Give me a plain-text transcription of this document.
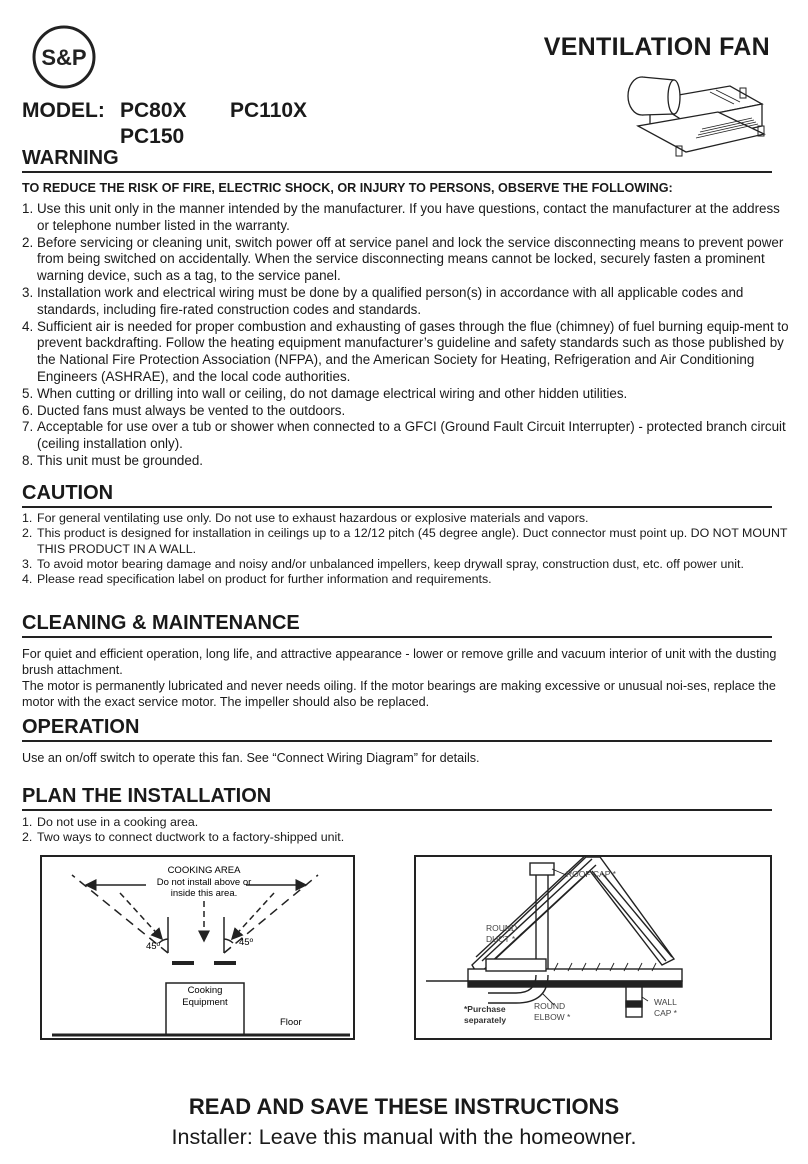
S&P	VENTILATION FAN
MODEL: PC80X PC110X
PC150
WARNING
TO REDUCE THE RISK OF FIRE, ELECTRIC SHOCK, OR INJURY TO PERSONS, OBSERVE THE FOLLOWING:
1. Use this unit only in the manner intended by the manufacturer. If you have questions, contact the manufacturer at the address or telephone number listed in the warranty.
2. Before servicing or cleaning unit, switch power off at service panel and lock the service disconnecting means to prevent power from being switched on accidentally. When the service disconnecting means cannot be locked, securely fasten a prominent warning device, such as a tag, to the service panel.
3. Installation work and electrical wiring must be done by a qualified person(s) in accordance with all applicable codes and standards, including fire-rated construction codes and standards.
4. Sufficient air is needed for proper combustion and exhausting of gases through the flue (chimney) of fuel burning equip-ment to prevent backdrafting. Follow the heating equipment manufacturer’s guideline and safety standards such as those published by the National Fire Protection Association (NFPA), and the American Society for Heating, Refrigeration and Air Conditioning Engineers (ASHRAE), and the local code authorities.
5. When cutting or drilling into wall or ceiling, do not damage electrical wiring and other hidden utilities.
6. Ducted fans must always be vented to the outdoors.
7. Acceptable for use over a tub or shower when connected to a GFCI (Ground Fault Circuit Interrupter) - protected branch circuit (ceiling installation only).
8. This unit must be grounded.
CAUTION
1. For general ventilating use only. Do not use to exhaust hazardous or explosive materials and vapors.
2. This product is designed for installation in ceilings up to a 12/12 pitch (45 degree angle). Duct connector must point up. DO NOT MOUNT THIS PRODUCT IN A WALL.
3. To avoid motor bearing damage and noisy and/or unbalanced impellers, keep drywall spray, construction dust, etc. off power unit.
4. Please read specification label on product for further information and requirements.
CLEANING & MAINTENANCE

For quiet and efficient operation, long life, and attractive appearance - lower or remove grille and vacuum interior of unit with the dusting brush attachment.

The motor is permanently lubricated and never needs oiling. If the motor bearings are making excessive or unusual noi-ses, replace the motor with the exact service motor. The impeller should also be replaced.

OPERATION

Use an on/off switch to operate this fan. See “Connect Wiring Diagram” for details.

PLAN THE INSTALLATION
1. Do not use in a cooking area.
2. Two ways to connect ductwork to a factory-shipped unit.
COOKING AREA
Do not install above or
inside this area.
45º	45º
Cooking
Equipment
Floor
ROOF CAP *
ROUND
DUCT *
*Purchase
separately
ROUND
ELBOW *
WALL
CAP *
READ AND SAVE THESE INSTRUCTIONS
Installer: Leave this manual with the homeowner.
